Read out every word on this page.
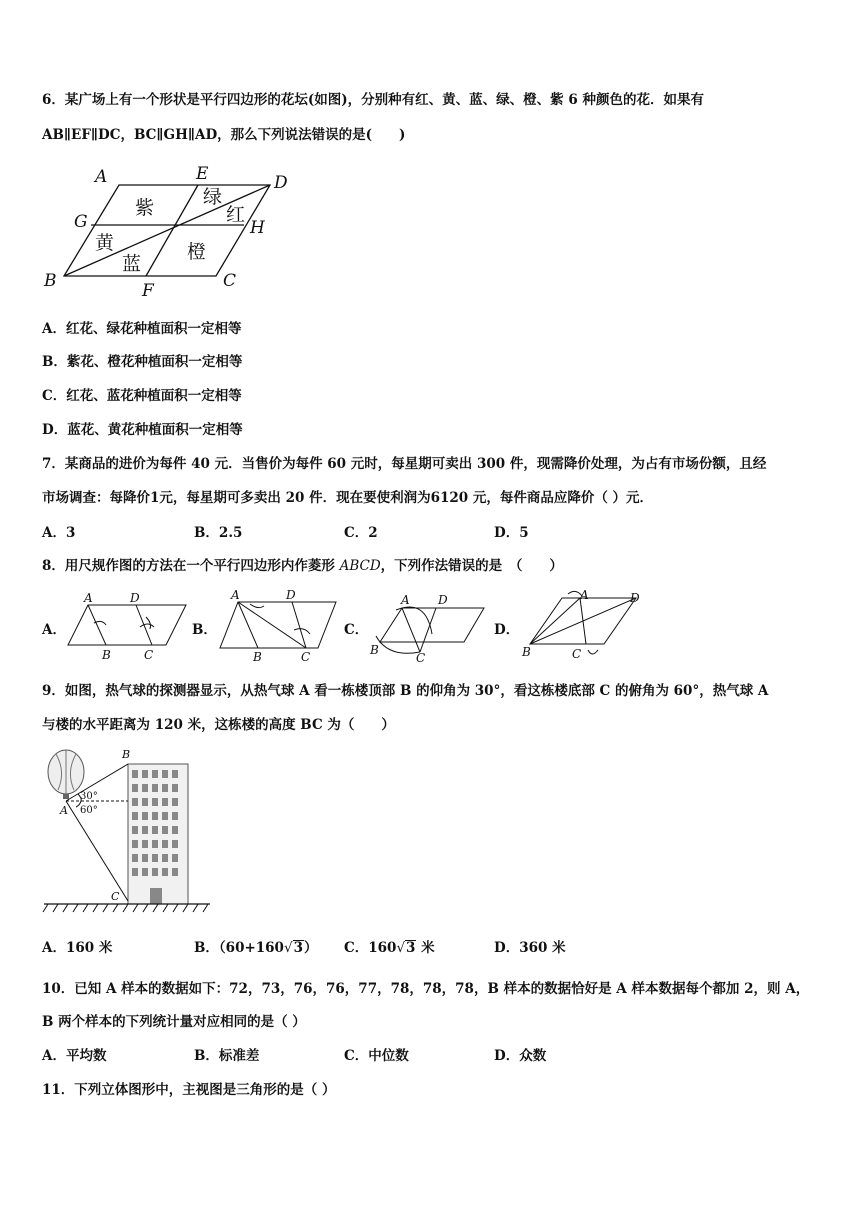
6．某广场上有一个形状是平行四边形的花坛(如图)，分别种有红、黄、蓝、绿、橙、紫 6 种颜色的花．如果有
AB∥EF∥DC，BC∥GH∥AD，那么下列说法错误的是(　　)
A	E	D
G	H
B	F	C
紫	绿
红
黄
蓝
橙
A．红花、绿花种植面积一定相等
B．紫花、橙花种植面积一定相等
C．红花、蓝花种植面积一定相等
D．蓝花、黄花种植面积一定相等
7．某商品的进价为每件 40 元．当售价为每件 60 元时，每星期可卖出 300 件，现需降价处理，为占有市场份额，且经
市场调查：每降价1元，每星期可多卖出 20 件．现在要使利润为6120 元，每件商品应降价（ ）元．
A．3	B．2.5	C．2	D．5
8．用尺规作图的方法在一个平行四边形内作菱形 ABCD，下列作法错误的是　（　　）
A．
A	D
B	C
B．
A	D
B	C
C．
A D
B
C
D．
A	D
B	C
9．如图，热气球的探测器显示，从热气球 A 看一栋楼顶部 B 的仰角为 30°，看这栋楼底部 C 的俯角为 60°，热气球 A
与楼的水平距离为 120 米，这栋楼的高度 BC 为（　　）
B
A
C
30°
60°
A．160 米	B．（60+160√3） C．160√3 米	D．360 米
10．已知 A 样本的数据如下：72，73，76，76，77，78，78，78，B 样本的数据恰好是 A 样本数据每个都加 2，则 A，
B 两个样本的下列统计量对应相同的是（ ）
A．平均数	B．标准差	C．中位数	D．众数
11．下列立体图形中，主视图是三角形的是（ ）
